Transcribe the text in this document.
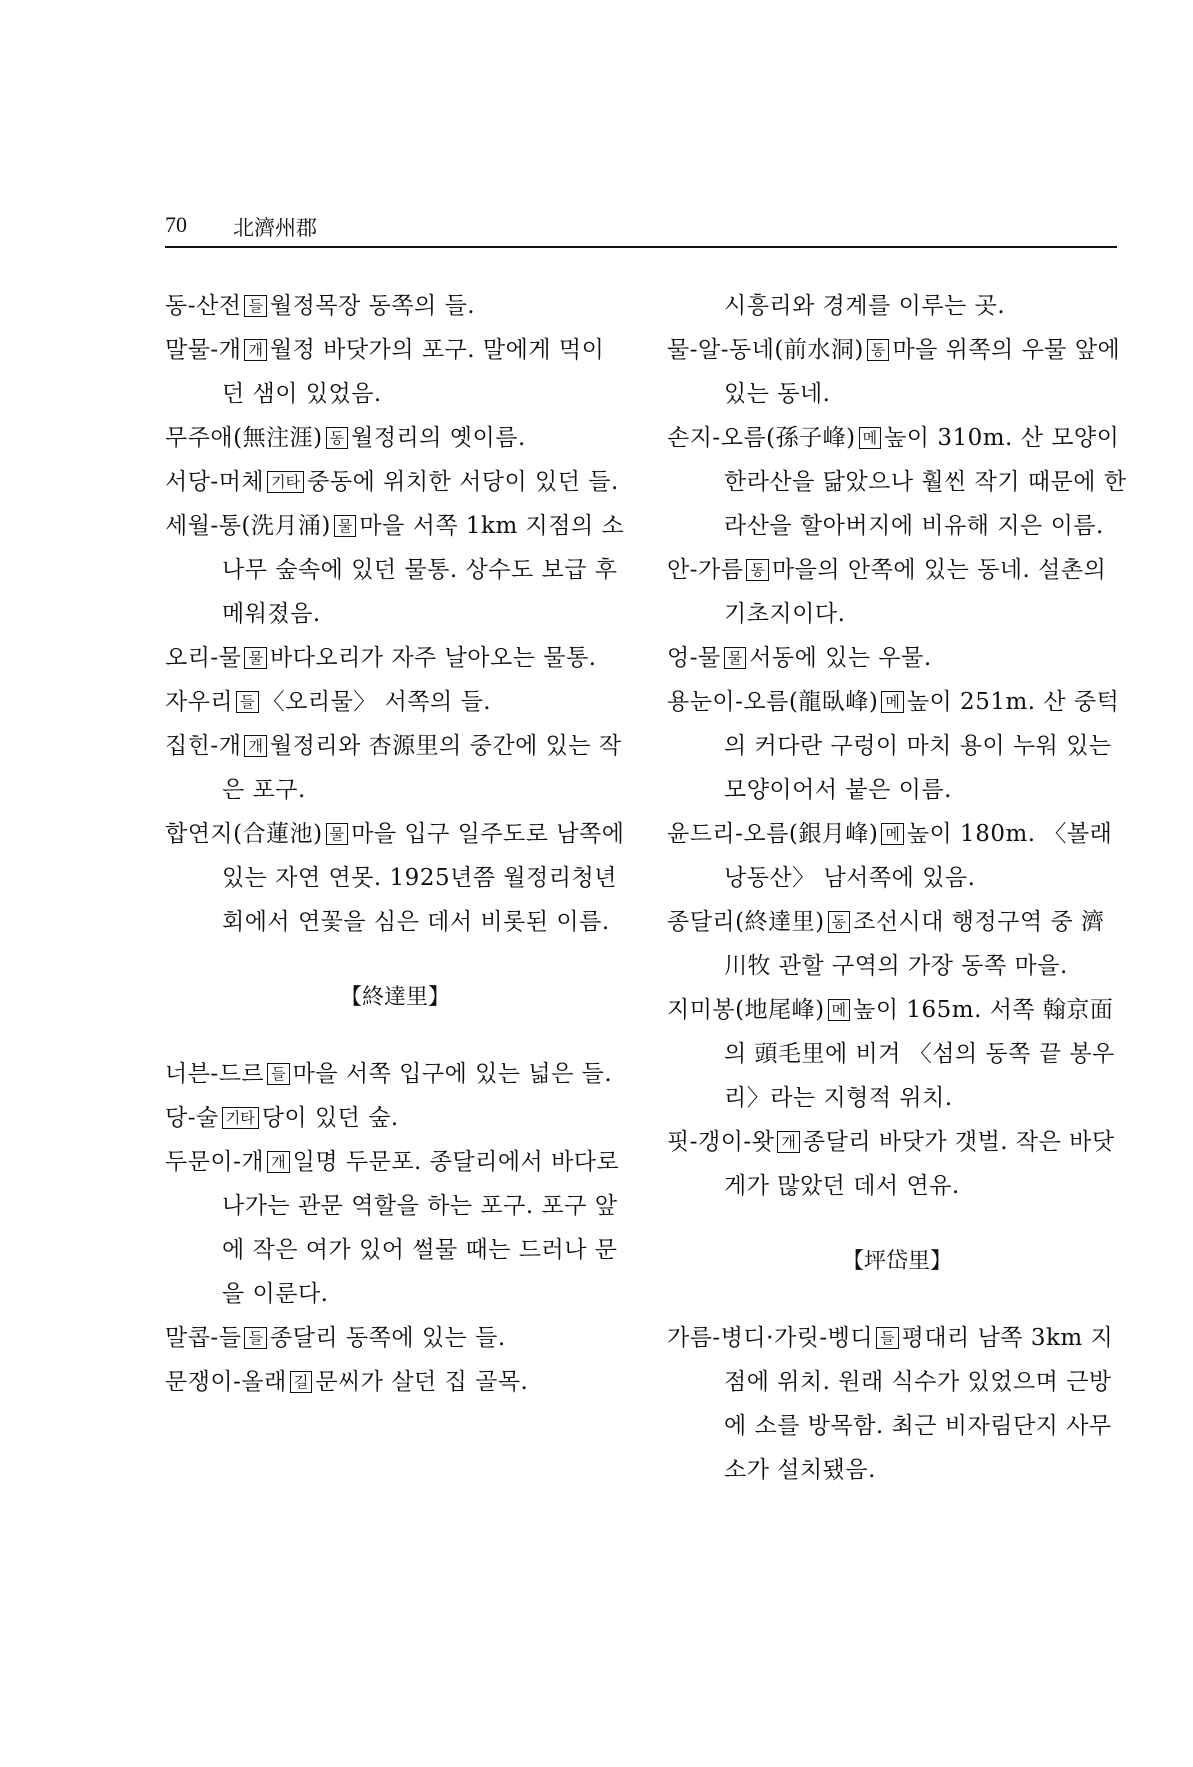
70 北濟州郡
동-산전 들 월정목장 동쪽의 들.
말물-개 개 월정 바닷가의 포구. 말에게 먹이던 샘이 있었음.
무주애(無注涯) 동 월정리의 옛이름.
서당-머체 기타 중동에 위치한 서당이 있던 들.
세월-통(洗月涌) 물 마을 서쪽 1km 지점의 소나무 숲속에 있던 물통. 상수도 보급 후 메워졌음.
오리-물 물 바다오리가 자주 날아오는 물통.
자우리 들 〈오리물〉 서쪽의 들.
집힌-개 개 월정리와 杏源里의 중간에 있는 작은 포구.
합연지(合蓮池) 물 마을 입구 일주도로 남쪽에 있는 자연 연못. 1925년쯤 월정리청년회에서 연꽃을 심은 데서 비롯된 이름.
【終達里】
너븐-드르 들 마을 서쪽 입구에 있는 넓은 들.
당-술 기타 당이 있던 숲.
두문이-개 개 일명 두문포. 종달리에서 바다로 나가는 관문 역할을 하는 포구. 포구 앞에 작은 여가 있어 썰물 때는 드러나 문을 이룬다.
말콥-들 들 종달리 동쪽에 있는 들.
문쟁이-올래 길 문씨가 살던 집 골목.
시흥리와 경계를 이루는 곳.
물-알-동네(前水洞) 동 마을 위쪽의 우물 앞에 있는 동네.
손지-오름(孫子峰) 메 높이 310m. 산 모양이 한라산을 닮았으나 훨씬 작기 때문에 한라산을 할아버지에 비유해 지은 이름.
안-가름 동 마을의 안쪽에 있는 동네. 설촌의 기초지이다.
엉-물 물 서동에 있는 우물.
용눈이-오름(龍臥峰) 메 높이 251m. 산 중턱의 커다란 구렁이 마치 용이 누워 있는 모양이어서 붙은 이름.
윤드리-오름(銀月峰) 메 높이 180m. 〈볼래낭동산〉 남서쪽에 있음.
종달리(終達里) 동 조선시대 행정구역 중 濟川牧 관할 구역의 가장 동쪽 마을.
지미봉(地尾峰) 메 높이 165m. 서쪽 翰京面의 頭毛里에 비겨 〈섬의 동쪽 끝 봉우리〉라는 지형적 위치.
핏-갱이-왓 개 종달리 바닷가 갯벌. 작은 바닷게가 많았던 데서 연유.
【坪岱里】
가름-병디·가릿-벵디 들 평대리 남쪽 3km 지점에 위치. 원래 식수가 있었으며 근방에 소를 방목함. 최근 비자림단지 사무소가 설치됐음.
